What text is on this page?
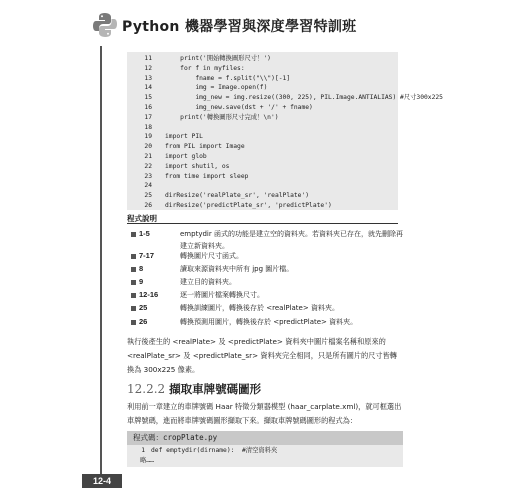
Python 機器學習與深度學習特訓班
11 print('開始轉換圖形尺寸！')
12 for f in myfiles:
13 fname = f.split("\\")[-1]
14 img = Image.open(f)
15 img_new = img.resize((300, 225), PIL.Image.ANTIALIAS) #尺寸300x225
16 img_new.save(dst + '/' + fname)
17 print('轉換圖形尺寸完成！\n')
18
19 import PIL
20 from PIL import Image
21 import glob
22 import shutil, os
23 from time import sleep
24
25 dirResize('realPlate_sr', 'realPlate')
26 dirResize('predictPlate_sr', 'predictPlate')
程式說明
1-5	emptydir 函式的功能是建立空的資料夾。若資料夾已存在，就先刪除再建立新資料夾。
7-17	轉換圖片尺寸函式。
8	讀取來源資料夾中所有 jpg 圖片檔。
9	建立目的資料夾。
12-16	逐一將圖片檔案轉換尺寸。
25	轉換訓練圖片，轉換後存於 <realPlate> 資料夾。
26	轉換預測用圖片，轉換後存於 <predictPlate> 資料夾。
執行後產生的 <realPlate> 及 <predictPlate> 資料夾中圖片檔案名稱和原來的 <realPlate_sr> 及 <predictPlate_sr> 資料夾完全相同，只是所有圖片的尺寸皆轉換為 300x225 像素。
12.2.2 擷取車牌號碼圖形
利用前一章建立的車牌號碼 Haar 特徵分類器模型 (haar_carplate.xml)，就可框選出車牌號碼，進而將車牌號碼圖形擷取下來。擷取車牌號碼圖形的程式為：
程式碼：cropPlate.py
1 def emptydir(dirname):  #清空資料夾
略……
12-4
